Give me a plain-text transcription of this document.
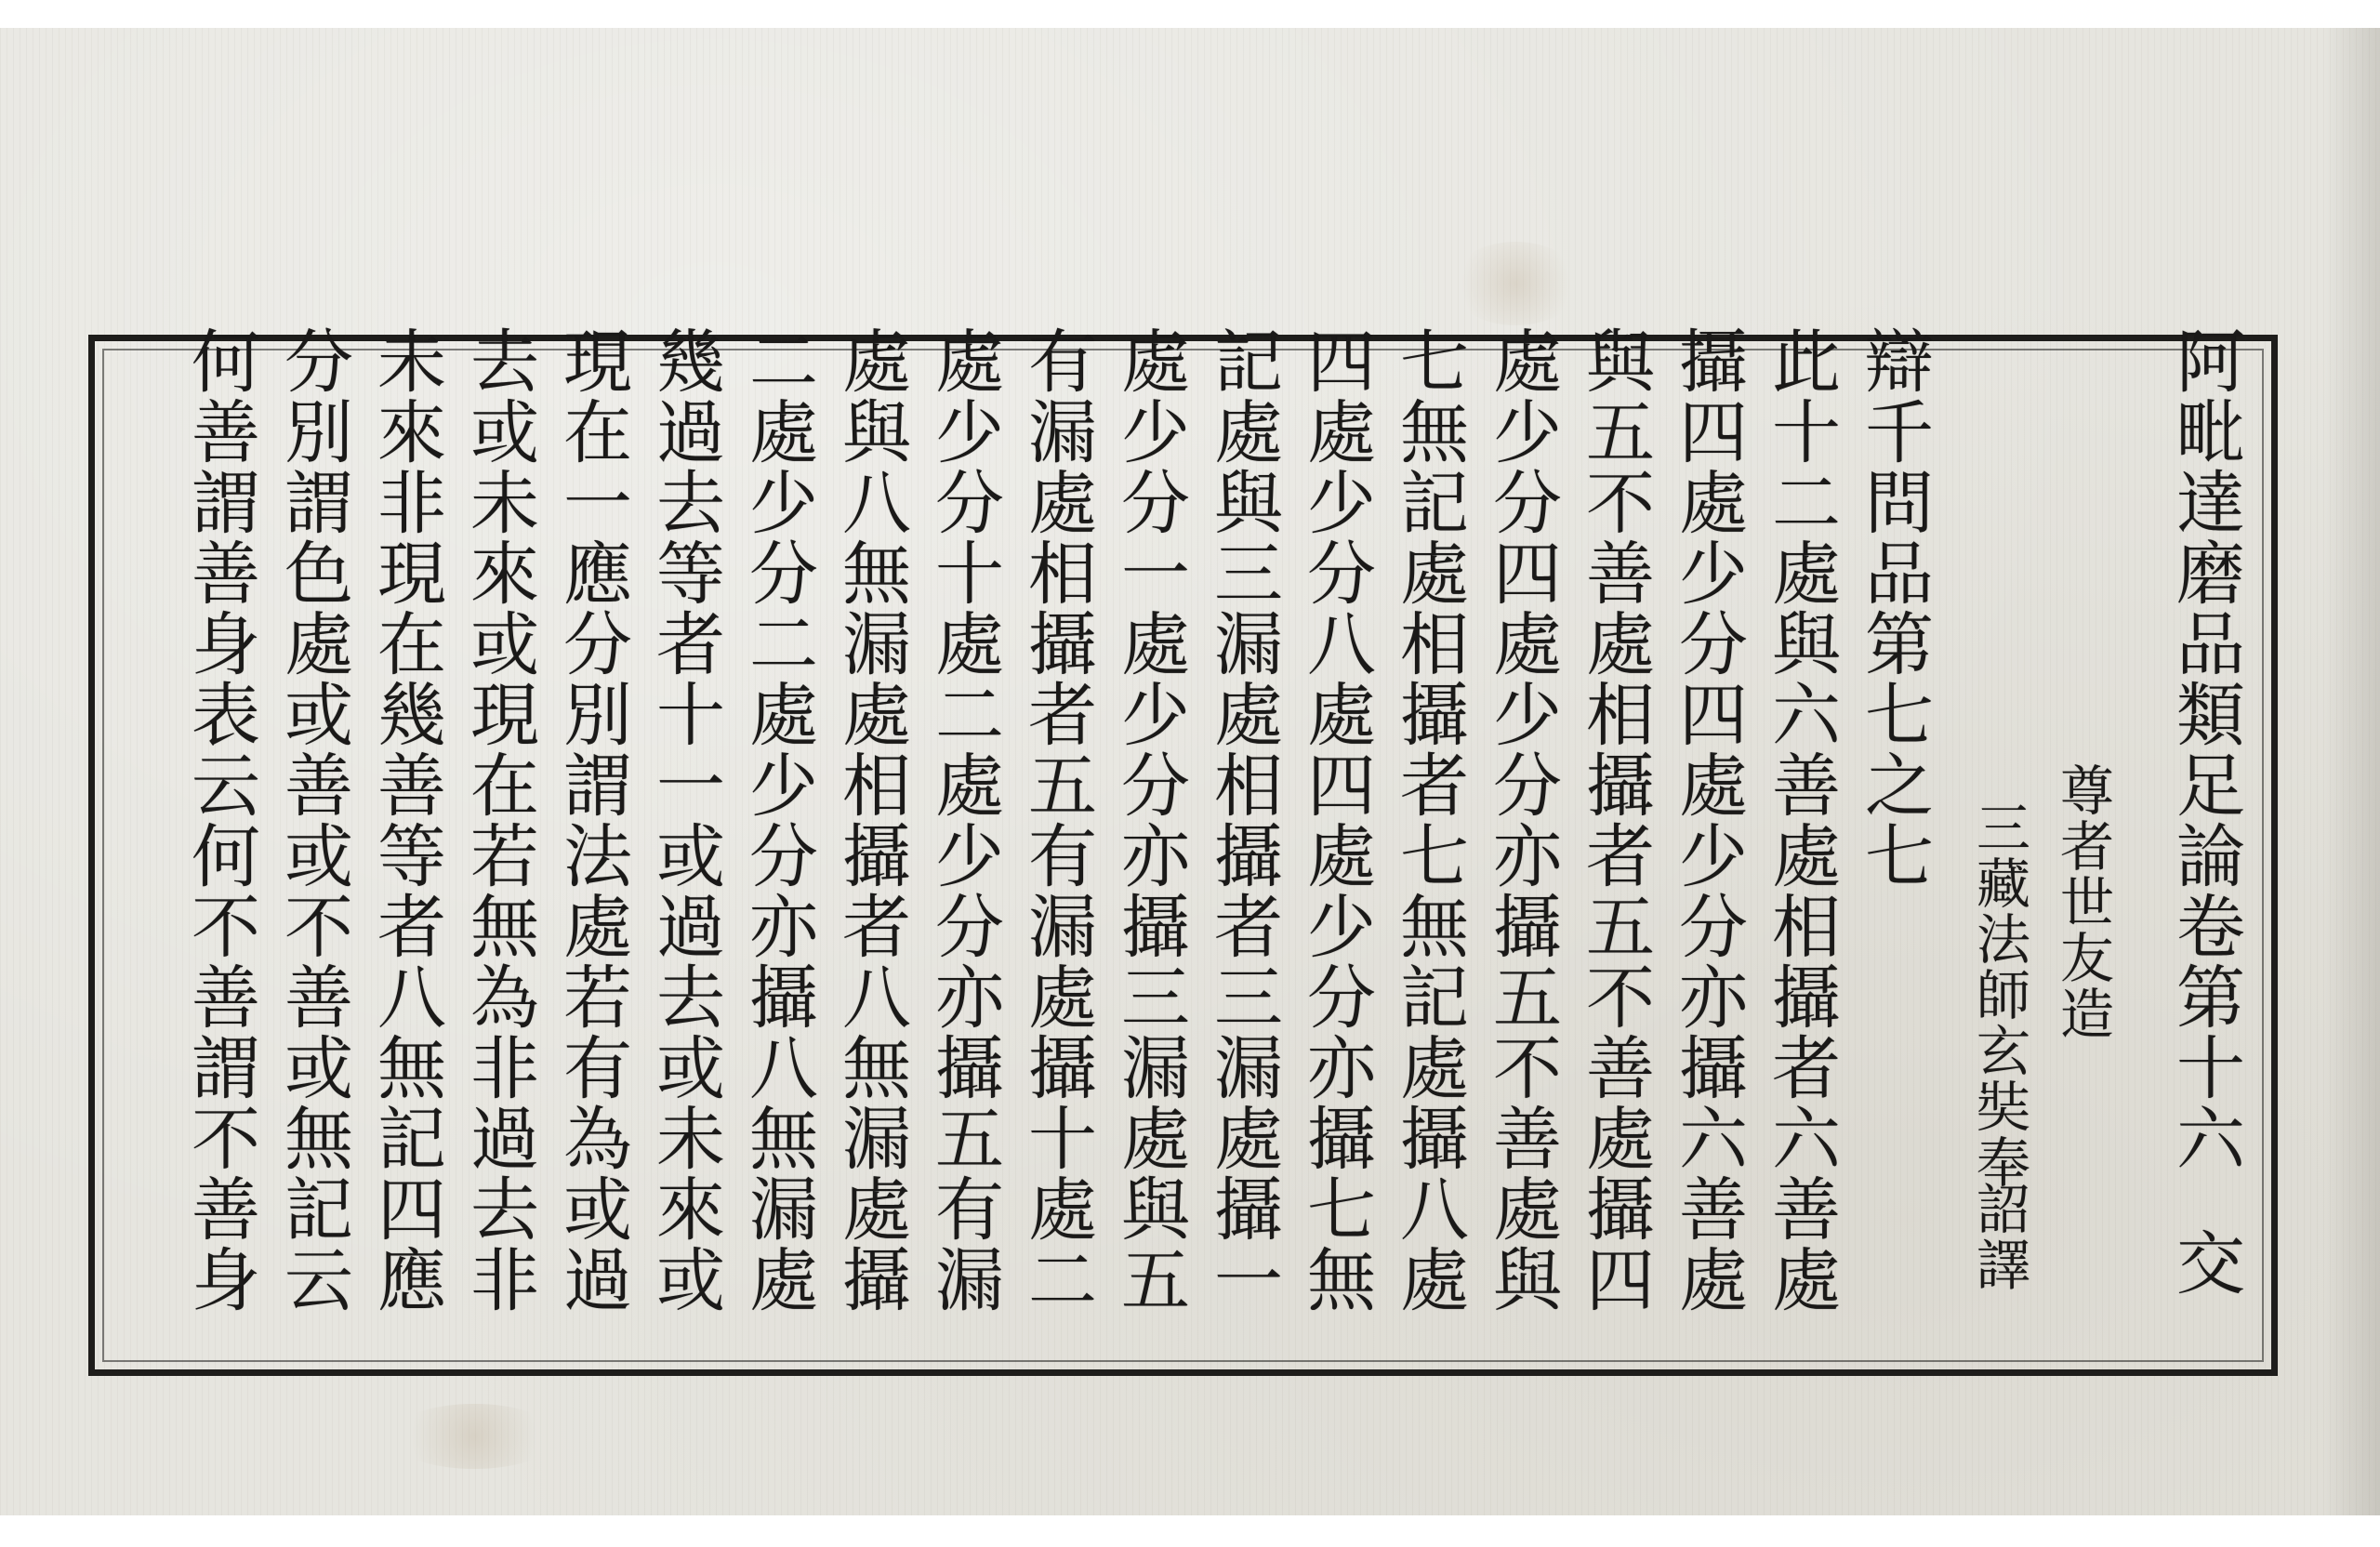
阿毗達磨品類足論卷第十六
交
尊者世友造
三藏法師玄奘奉
詔譯
辯千問品第七之七
此十二處與六善處相攝者六善處
攝四處少分四處少分亦攝六善處
與五不善處相攝者五不善處攝四
處少分四處少分亦攝五不善處與
七無記處相攝者七無記處攝八處
四處少分八處四處少分亦攝七無
記處與三漏處相攝者三漏處攝一
處少分一處少分亦攝三漏處與五
有漏處相攝者五有漏處攝十處二
處少分十處二處少分亦攝五有漏
處與八無漏處相攝者八無漏處攝
二處少分二處少分亦攝八無漏處
幾過去等者十一或過去或未來或
現在一應分別謂法處若有為或過
去或未來或現在若無為非過去非
未來非現在幾善等者八無記四應
分別謂色處或善或不善或無記云
何善謂善身表云何不善謂不善身
